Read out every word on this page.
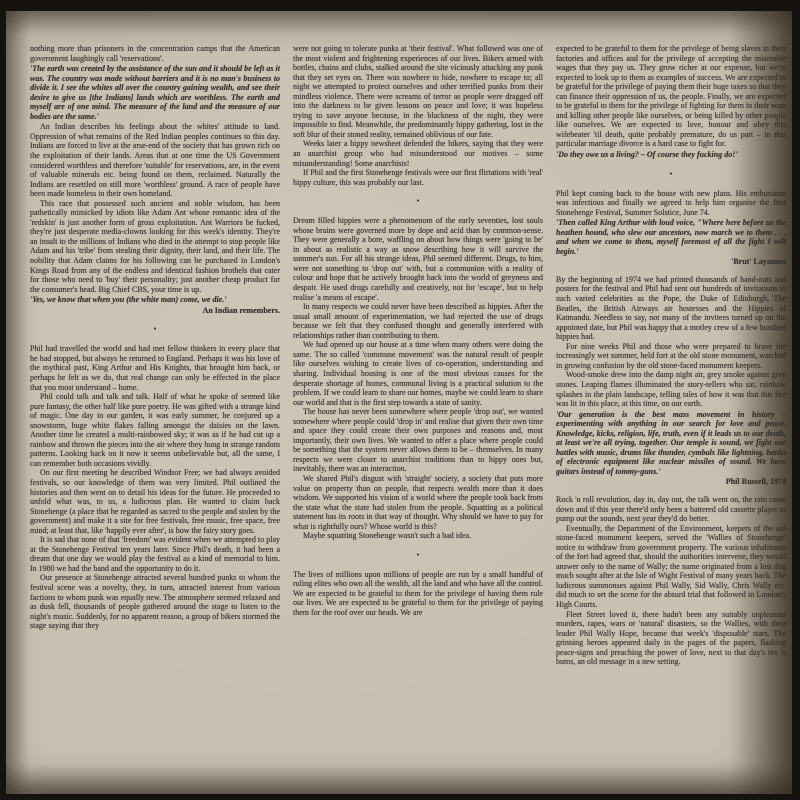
nothing more than prisoners in the concentration camps that the American government laughingly call 'reservations'.
'The earth was created by the assistance of the sun and it should be left as it was. The country was made without barriers and it is no man's business to divide it. I see the whites all over the country gaining wealth, and see their desire to give us [the Indians] lands which are worthless. The earth and myself are of one mind. The measure of the land and the measure of our bodies are the same.'
An Indian describes his feelings about the whites' attitude to land. Oppression of what remains of the Red Indian peoples continues to this day. Indians are forced to live at the arse-end of the society that has grown rich on the exploitation of their lands. Areas that at one time the US Government considered worthless and therefore 'suitable' for reservations, are, in the event of valuable minerals etc. being found on them, reclaimed. Naturally the Indians are resettled on still more 'worthless' ground. A race of people have been made homeless in their own homeland.
This race that possessed such ancient and noble wisdom, has been pathetically mimicked by idiots like Adam Ant whose romantic idea of the 'redskin' is just another form of gross exploitation. Ant Warriors be fucked, they're just desperate media-clowns looking for this week's identity. They're an insult to the millions of Indians who died in the attempt to stop people like Adam and his 'tribe' from stealing their dignity, their land, and their life. The nobility that Adam claims for his following can be purchased in London's Kings Road from any of the endless and identical fashion brothels that cater for those who need to 'buy' their personality; just another cheap product for the consumer's head. Big Chief CBS, your time is up.
'Yes, we know that when you (the white man) come, we die.'
An Indian remembers.
•
Phil had travelled the world and had met fellow thinkers in every place that he had stopped, but always he returned to England. Perhaps it was his love of the mythical past, King Arthur and His Knights, that brought him back, or perhaps he felt as we do, that real change can only be effected in the place that you most understand – home.
Phil could talk and talk and talk. Half of what he spoke of seemed like pure fantasy, the other half like pure poetry. He was gifted with a strange kind of magic. One day in our garden, it was early summer, he conjured up a snowstorm, huge white flakes falling amongst the daisies on the lawn. Another time he created a multi-rainbowed sky; it was as if he had cut up a rainbow and thrown the pieces into the air where they hung in strange random patterns. Looking back on it now it seems unbelievable but, all the same, I can remember both occasions vividly.
On our first meeting he described Windsor Free; we had always avoided festivals, so our knowledge of them was very limited. Phil outlined the histories and then went on to detail his ideas for the future. He proceeded to unfold what was, to us, a ludicrous plan. He wanted to claim back Stonehenge (a place that he regarded as sacred to the people and stolen by the government) and make it a site for free festivals, free music, free space, free mind; at least that, like 'happily ever after', is how the fairy story goes.
It is sad that none of that 'freedom' was evident when we attempted to play at the Stonehenge Festival ten years later. Since Phil's death, it had been a dream that one day we would play the festival as a kind of memorial to him. In 1980 we had the band and the opportunity to do it.
Our presence at Stonehenge attracted several hundred punks to whom the festival scene was a novelty, they, in turn, attracted interest from various factions to whom punk was equally new. The atmosphere seemed relaxed and as dusk fell, thousands of people gathered around the stage to listen to the night's music. Suddenly, for no apparent reason, a group of bikers stormed the stage saying that they
were not going to tolerate punks at 'their festival'. What followed was one of the most violent and frightening experiences of our lives. Bikers armed with bottles, chains and clubs, stalked around the site viciously attacking any punk that they set eyes on. There was nowhere to hide, nowhere to escape to; all night we attempted to protect ourselves and other terrified punks from their mindless violence. There were screams of terror as people were dragged off into the darkness to be given lessons on peace and love; it was hopeless trying to save anyone because, in the blackness of the night, they were impossible to find. Meanwhile, the predominantly hippy gathering, lost in the soft blur of their stoned reality, remained oblivious of our fate.
Weeks later a hippy newsheet defended the bikers, saying that they were an anarchist group who had misunderstood our motives – some misunderstanding! Some anarchists!
If Phil and the first Stonehenge festivals were our first flirtations with 'real' hippy culture, this was probably our last.
•
Dream filled hippies were a phenomenom of the early seventies, lost souls whose brains were governed more by dope and acid than by common-sense. They were generally a bore, waffling on about how things were 'going to be' in about as realistic a way as snow describing how it will survive the summer's sun. For all his strange ideas, Phil seemed different. Drugs, to him, were not something to 'drop out' with, but a communion with a reality of colour and hope that he actively brought back into the world of greyness and despair. He used drugs carefully and creatively, not for 'escape', but to help realise 'a means of escape'.
In many respects we could never have been described as hippies. After the usual small amount of experimentation, we had rejected the use of drugs because we felt that they confused thought and generally interfered with relationships rather than contributing to them.
We had opened up our house at a time when many others were doing the same. The so called 'commune movement' was the natural result of people like ourselves wishing to create lives of co-operation, understanding and sharing. Individual housing is one of the most obvious causes for the desperate shortage of homes, communal living is a practical solution to the problem. If we could learn to share our homes, maybe we could learn to share our world and that is the first step towards a state of sanity.
The house has never been somewhere where people 'drop out', we wanted somewhere where people could 'drop in' and realise that given their own time and space they could create their own purposes and reasons and, most importantly, their own lives. We wanted to offer a place where people could be something that the system never allows them to be – themselves. In many respects we were closer to anarchist traditions than to hippy ones but, inevitably, there was an interaction.
We shared Phil's disgust with 'straight' society, a society that puts more value on property than on people, that respects wealth more than it does wisdom. We supported his vision of a world where the people took back from the state what the state had stolen from the people. Squatting as a political statement has its roots in that way of thought. Why should we have to pay for what is rightfully ours? Whose world is this?
Maybe squatting Stonehenge wasn't such a bad idea.
•
The lives of millions upon millions of people are run by a small handful of ruling elites who own all the wealth, all the land and who have all the control. We are expected to be grateful to them for the privilege of having them rule our lives. We are expected to be grateful to them for the privilege of paying them for the roof over our heads. We are
expected to be grateful to them for the privilege of being slaves in their factories and offices and for the privilege of accepting the miserable wages that they pay us. They grow richer at our expense, but we're expected to look up to them as examples of success. We are expected to be grateful for the privilege of paying them their huge taxes so that they can finance their oppression of us, the people. Finally, we are expected to be grateful to them for the privilege of fighting for them in their wars and killing other people like ourselves, or being killed by other people like ourselves. We are expected to love, honour and obey this wifebeater 'til death, quite probably premature, do us part – in this particular marriage divorce is a hard case to fight for.
'Do they owe us a living? – Of course they fucking do!'
•
Phil kept coming back to the house with new plans. His enthusiasm was infectious and finally we agreed to help him organise the first Stonehenge Festival, Summer Solstice, June 74.
'Then called King Arthur with loud voice, "Where here before us the heathen hound, who slew our ancestors, now march we to them . . . and when we come to them, myself foremost of all the fight I will begin.'
'Brut' Layamon
By the beginning of 1974 we had printed thousands of hand-outs and posters for the festival and Phil had sent out hundreds of invitations to such varied celebrities as the Pope, the Duke of Edinburgh, The Beatles, the British Airways air hostesses and the Hippies of Katmandu. Needless to say, not many of the invitees turned up on the appointed date, but Phil was happy that a motley crew of a few hundred hippies had.
For nine weeks Phil and those who were prepared to brave the increasingly wet summer, held fort at the old stone monument, watched in growing confusion by the old stone-faced monument keepers.
Wood-smoke drew into the damp night air, grey smoke against grey stones. Leaping flames illuminated the story-tellers who sat, rainbow splashes in the plain landscape, telling tales of how it was that this fire was lit in this place, at this time, on our earth.
'Our generation is the best mass movement in history – experimenting with anything in our search for love and peace. Knowledge, kicks, religion, life, truth, even if it leads us to our death, at least we're all trying, together. Our temple is sound, we fight our battles with music, drums like thunder, cymbals like lightning, banks of electronic equipment like nuclear missiles of sound. We have guitars instead of tommy-guns.'
Phil Russell, 1974
Rock 'n roll revolution, day in, day out, the talk went on, the rain came down and if this year there'd only been a battered old cassette player to pump out the sounds, next year they'd do better.
Eventually, the Department of the Environment, keepers of the old stone-faced monument keepers, served the 'Wallies of Stonehenge' notice to withdraw from government property. The various inhabitants of the fort had agreed that, should the authorities intervene, they would answer only to the name of Wally; the name originated from a lost dog much sought after at the Isle of Wight Festival of many years back. The ludicrous summonses against Phil Wally, Sid Wally, Chris Wally etc. did much to set the scene for the absurd trial that followed in London's High Courts.
Fleet Street loved it, there hadn't been any suitably unpleasant murders, rapes, wars or 'natural' disasters, so the Wallies, with their leader Phil Wally Hope, became that week's 'disposable' stars. The grinning heroes appeared daily in the pages of the papers, flashing peace-signs and preaching the power of love, next to that day's tits 'n bums, an old message in a new setting.
